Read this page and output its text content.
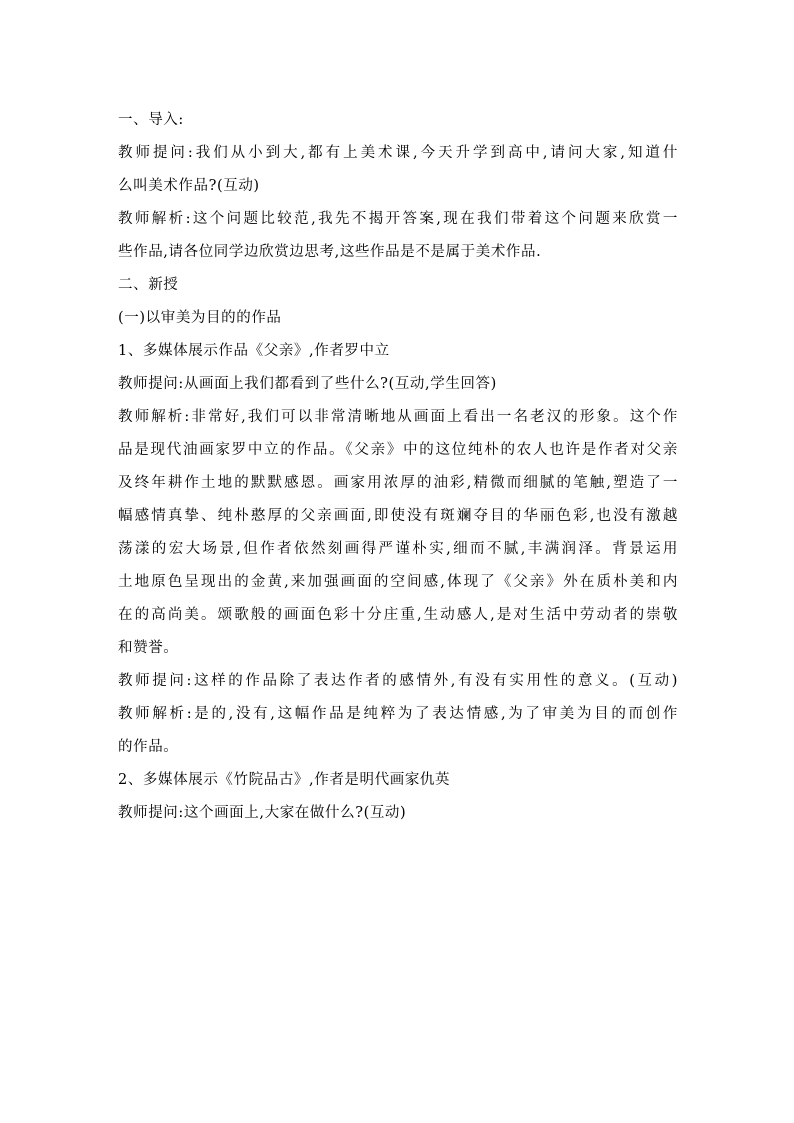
一、导入:
教师提问:我们从小到大,都有上美术课,今天升学到高中,请问大家,知道什
么叫美术作品?(互动)
教师解析:这个问题比较范,我先不揭开答案,现在我们带着这个问题来欣赏一
些作品,请各位同学边欣赏边思考,这些作品是不是属于美术作品.
二、新授
(一)以审美为目的的作品
1、多媒体展示作品《父亲》,作者罗中立
教师提问:从画面上我们都看到了些什么?(互动,学生回答)
教师解析:非常好,我们可以非常清晰地从画面上看出一名老汉的形象。这个作
品是现代油画家罗中立的作品。《父亲》中的这位纯朴的农人也许是作者对父亲
及终年耕作土地的默默感恩。画家用浓厚的油彩,精微而细腻的笔触,塑造了一
幅感情真挚、纯朴憨厚的父亲画面,即使没有斑斓夺目的华丽色彩,也没有激越
荡漾的宏大场景,但作者依然刻画得严谨朴实,细而不腻,丰满润泽。背景运用
土地原色呈现出的金黄,来加强画面的空间感,体现了《父亲》外在质朴美和内
在的高尚美。颂歌般的画面色彩十分庄重,生动感人,是对生活中劳动者的崇敬
和赞誉。
教师提问:这样的作品除了表达作者的感情外,有没有实用性的意义。(互动)
教师解析:是的,没有,这幅作品是纯粹为了表达情感,为了审美为目的而创作
的作品。
2、多媒体展示《竹院品古》,作者是明代画家仇英
教师提问:这个画面上,大家在做什么?(互动)
